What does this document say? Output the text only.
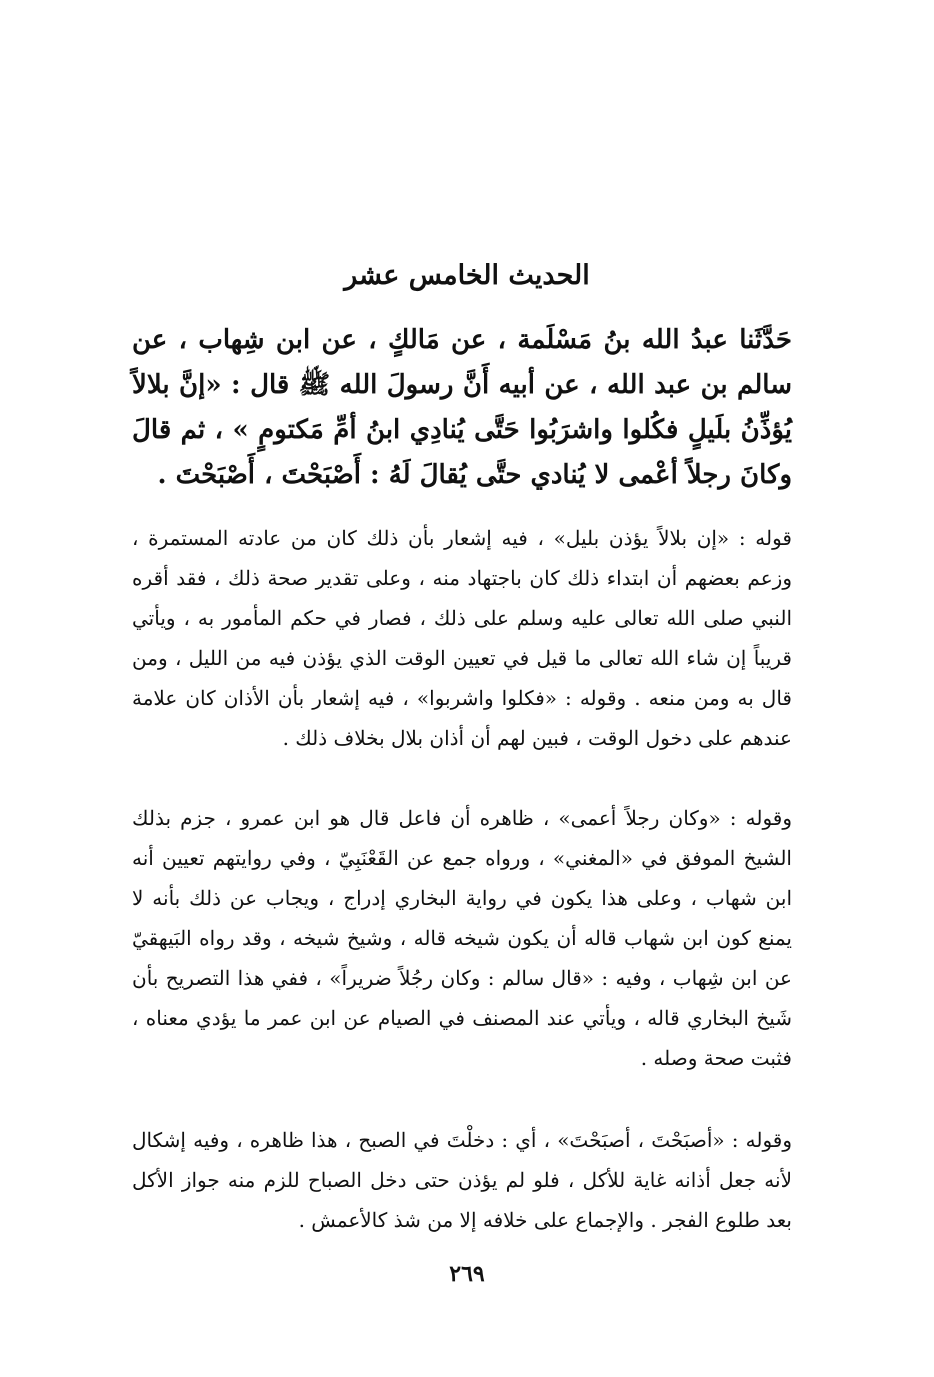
الحديث الخامس عشر

حَدَّثَنا عبدُ الله بنُ مَسْلَمة ، عن مَالكٍ ، عن ابن شِهاب ، عن سالم بن عبد الله ، عن أبيه أَنَّ رسولَ الله ﷺ قال : «إنَّ بلالاً يُؤذِّنُ بلَيلٍ فكُلوا واشرَبُوا حَتَّى يُنادِي ابنُ أمِّ مَكتومٍ » ، ثم قالَ وكانَ رجلاً أعْمى لا يُنادي حتَّى يُقالَ لَهُ : أَصْبَحْتَ ، أَصْبَحْتَ .

قوله : «إن بلالاً يؤذن بليل» ، فيه إشعار بأن ذلك كان من عادته المستمرة ، وزعم بعضهم أن ابتداء ذلك كان باجتهاد منه ، وعلى تقدير صحة ذلك ، فقد أقره النبي صلى الله تعالى عليه وسلم على ذلك ، فصار في حكم المأمور به ، ويأتي قريباً إن شاء الله تعالى ما قيل في تعيين الوقت الذي يؤذن فيه من الليل ، ومن قال به ومن منعه . وقوله : «فكلوا واشربوا» ، فيه إشعار بأن الأذان كان علامة عندهم على دخول الوقت ، فبين لهم أن أذان بلال بخلاف ذلك .

وقوله : «وكان رجلاً أعمى» ، ظاهره أن فاعل قال هو ابن عمرو ، جزم بذلك الشيخ الموفق في «المغني» ، ورواه جمع عن القَعْنَبِيّ ، وفي روايتهم تعيين أنه ابن شهاب ، وعلى هذا يكون في رواية البخاري إدراج ، ويجاب عن ذلك بأنه لا يمنع كون ابن شهاب قاله أن يكون شيخه قاله ، وشيخ شيخه ، وقد رواه البَيهقيّ عن ابن شِهاب ، وفيه : «قال سالم : وكان رجُلاً ضريراً» ، ففي هذا التصريح بأن شَيخ البخاري قاله ، ويأتي عند المصنف في الصيام عن ابن عمر ما يؤدي معناه ، فثبت صحة وصله .

وقوله : «أصبَحْتَ ، أصبَحْتَ» ، أي : دخلْتَ في الصبح ، هذا ظاهره ، وفيه إشكال لأنه جعل أذانه غاية للأكل ، فلو لم يؤذن حتى دخل الصباح للزم منه جواز الأكل بعد طلوع الفجر . والإجماع على خلافه إلا من شذ كالأعمش .

٢٦٩
